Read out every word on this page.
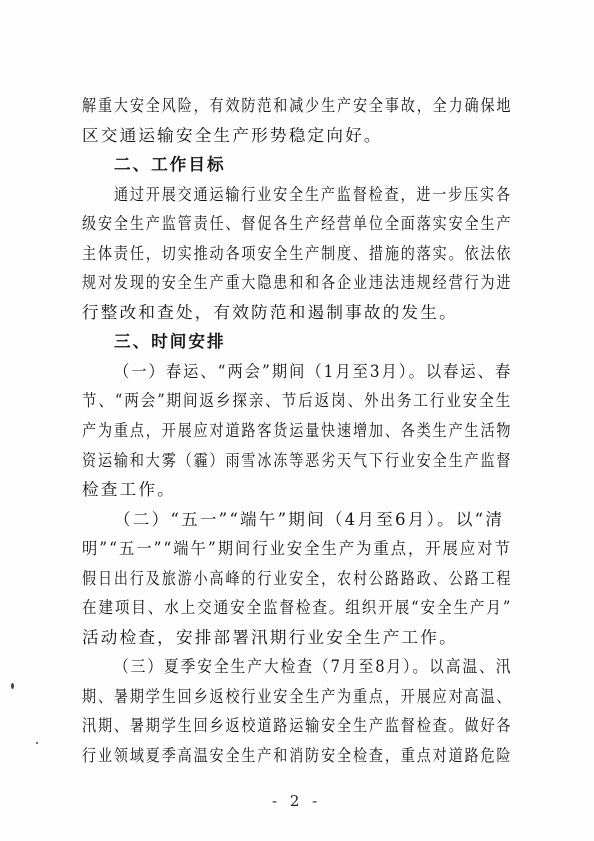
解重大安全风险，有效防范和减少生产安全事故，全力确保地
区交通运输安全生产形势稳定向好。
二、工作目标
通过开展交通运输行业安全生产监督检查，进一步压实各
级安全生产监管责任、督促各生产经营单位全面落实安全生产
主体责任，切实推动各项安全生产制度、措施的落实。依法依
规对发现的安全生产重大隐患和和各企业违法违规经营行为进
行整改和查处，有效防范和遏制事故的发生。
三、时间安排
（一）春运、“两会”期间（1月至3月）。以春运、春
节、“两会”期间返乡探亲、节后返岗、外出务工行业安全生
产为重点，开展应对道路客货运量快速增加、各类生产生活物
资运输和大雾（霾）雨雪冰冻等恶劣天气下行业安全生产监督
检查工作。
（二）“五一”“端午”期间（4月至6月）。以“清
明”“五一”“端午”期间行业安全生产为重点，开展应对节
假日出行及旅游小高峰的行业安全，农村公路路政、公路工程
在建项目、水上交通安全监督检查。组织开展“安全生产月”
活动检查，安排部署汛期行业安全生产工作。
（三）夏季安全生产大检查（7月至8月）。以高温、汛
期、暑期学生回乡返校行业安全生产为重点，开展应对高温、
汛期、暑期学生回乡返校道路运输安全生产监督检查。做好各
行业领域夏季高温安全生产和消防安全检查，重点对道路危险
- 2 -
